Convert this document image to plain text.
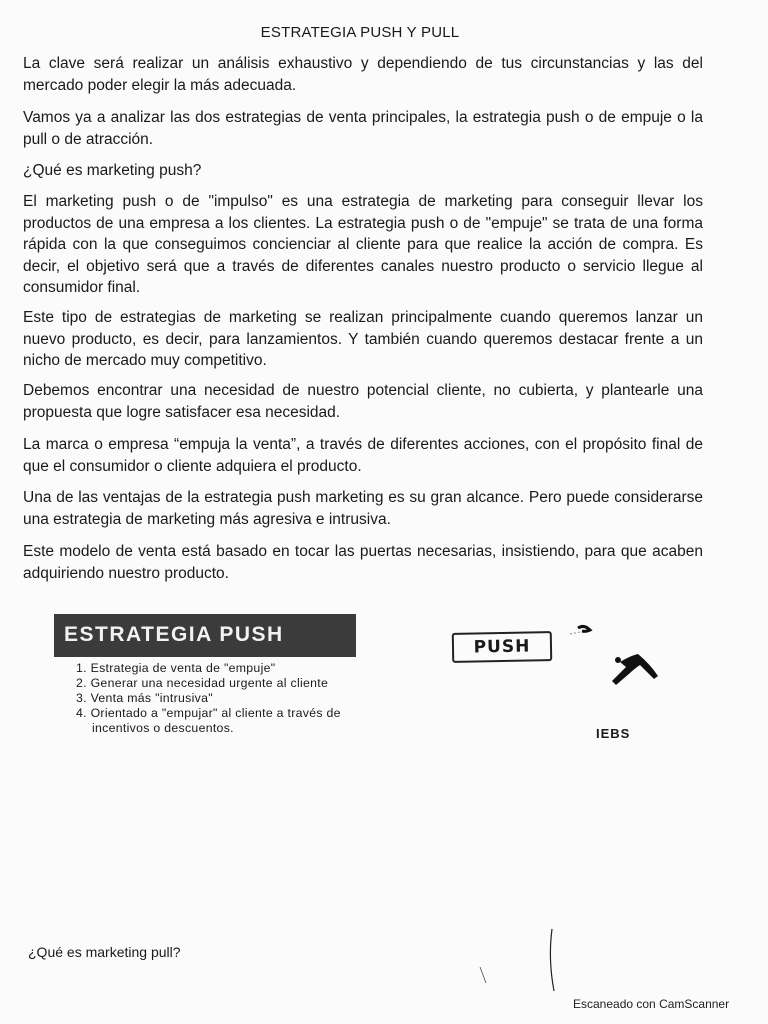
ESTRATEGIA PUSH Y PULL

La clave será realizar un análisis exhaustivo y dependiendo de tus circunstancias y las del mercado poder elegir la más adecuada.

Vamos ya a analizar las dos estrategias de venta principales, la estrategia push o de empuje o la pull o de atracción.

¿Qué es marketing push?

El marketing push o de "impulso" es una estrategia de marketing para conseguir llevar los productos de una empresa a los clientes. La estrategia push o de "empuje" se trata de una forma rápida con la que conseguimos concienciar al cliente para que realice la acción de compra. Es decir, el objetivo será que a través de diferentes canales nuestro producto o servicio llegue al consumidor final.

Este tipo de estrategias de marketing se realizan principalmente cuando queremos lanzar un nuevo producto, es decir, para lanzamientos. Y también cuando queremos destacar frente a un nicho de mercado muy competitivo.

Debemos encontrar una necesidad de nuestro potencial cliente, no cubierta, y plantearle una propuesta que logre satisfacer esa necesidad.

La marca o empresa “empuja la venta”, a través de diferentes acciones, con el propósito final de que el consumidor o cliente adquiera el producto.

Una de las ventajas de la estrategia push marketing es su gran alcance. Pero puede considerarse una estrategia de marketing más agresiva e intrusiva.

Este modelo de venta está basado en tocar las puertas necesarias, insistiendo, para que acaben adquiriendo nuestro producto.

ESTRATEGIA PUSH
1. Estrategia de venta de "empuje"
2. Generar una necesidad urgente al cliente
3. Venta más "intrusiva"
4. Orientado a "empujar" al cliente a través de
incentivos o descuentos.
PUSH
IEBS
¿Qué es marketing pull?
Escaneado con CamScanner
